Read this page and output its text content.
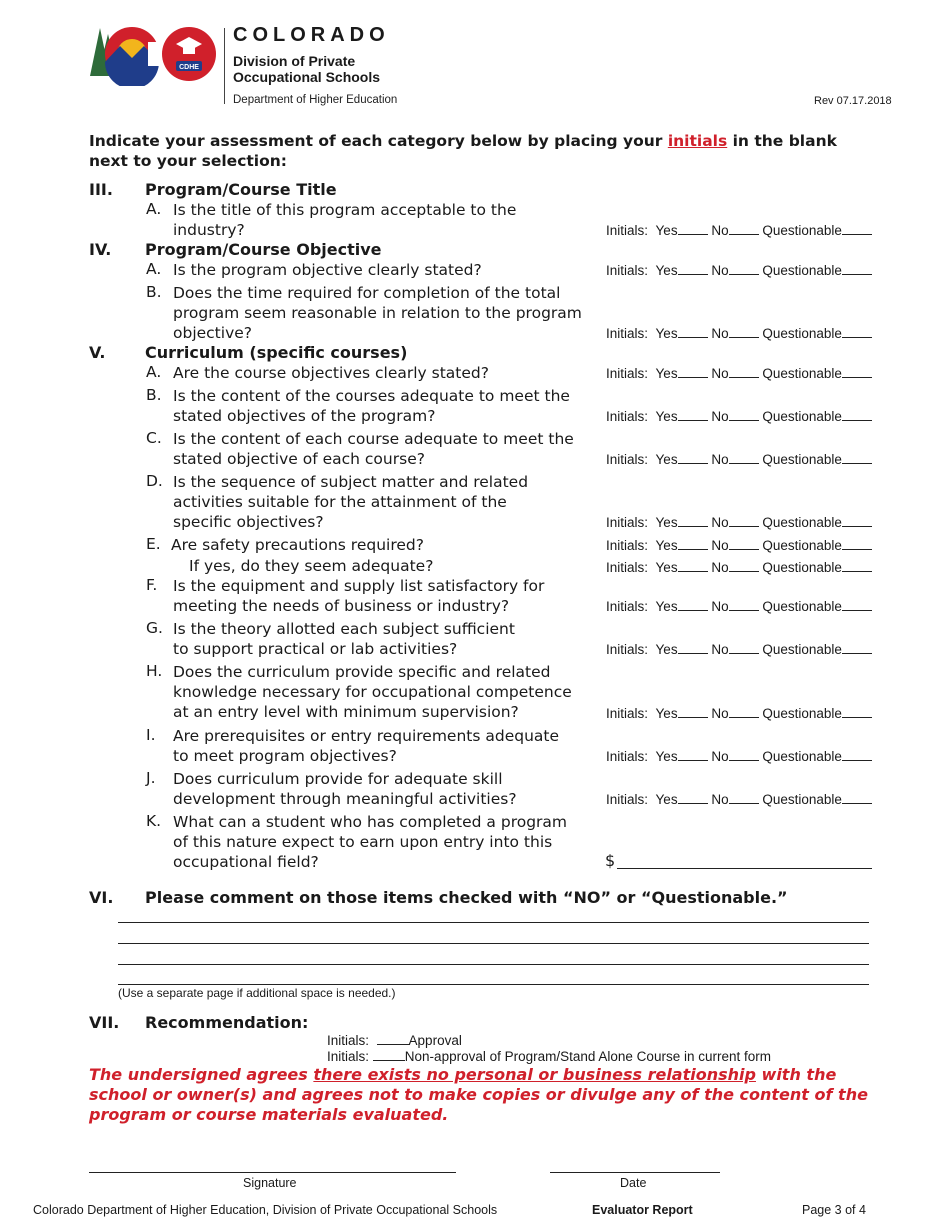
CDHE
COLORADO
Division of Private
Occupational Schools
Department of Higher Education	Rev 07.17.2018
Indicate your assessment of each category below by placing your initials in the blank next to your selection:
III. Program/Course Title
A. Is the title of this program acceptable to the
industry?	Initials: Yes	No	Questionable
IV. Program/Course Objective
A. Is the program objective clearly stated?	Initials: Yes	No	Questionable
B. Does the time required for completion of the total
program seem reasonable in relation to the program
objective?	Initials: Yes	No	Questionable
V. Curriculum (specific courses)
A. Are the course objectives clearly stated?	Initials: Yes	No	Questionable
B. Is the content of the courses adequate to meet the
stated objectives of the program?	Initials: Yes	No	Questionable
C. Is the content of each course adequate to meet the
stated objective of each course?	Initials: Yes	No	Questionable
D. Is the sequence of subject matter and related
activities suitable for the attainment of the
specific objectives?	Initials: Yes	No	Questionable
E. Are safety precautions required?	Initials: Yes	No	Questionable
If yes, do they seem adequate?	Initials: Yes	No	Questionable
F. Is the equipment and supply list satisfactory for
meeting the needs of business or industry?	Initials: Yes	No	Questionable
G. Is the theory allotted each subject sufficient
to support practical or lab activities?	Initials: Yes	No	Questionable
H. Does the curriculum provide specific and related
knowledge necessary for occupational competence
at an entry level with minimum supervision?	Initials: Yes	No	Questionable
I. Are prerequisites or entry requirements adequate
to meet program objectives?	Initials: Yes	No	Questionable
J. Does curriculum provide for adequate skill
development through meaningful activities?	Initials: Yes	No	Questionable
K. What can a student who has completed a program
of this nature expect to earn upon entry into this
occupational field?	$
VI. Please comment on those items checked with “NO” or “Questionable.”
(Use a separate page if additional space is needed.)
VII. Recommendation:
Initials:	Approval
Initials:	Non-approval of Program/Stand Alone Course in current form
The undersigned agrees there exists no personal or business relationship with the school or owner(s) and agrees not to make copies or divulge any of the content of the program or course materials evaluated.
Signature	Date
Colorado Department of Higher Education, Division of Private Occupational Schools	Evaluator Report	Page 3 of 4
